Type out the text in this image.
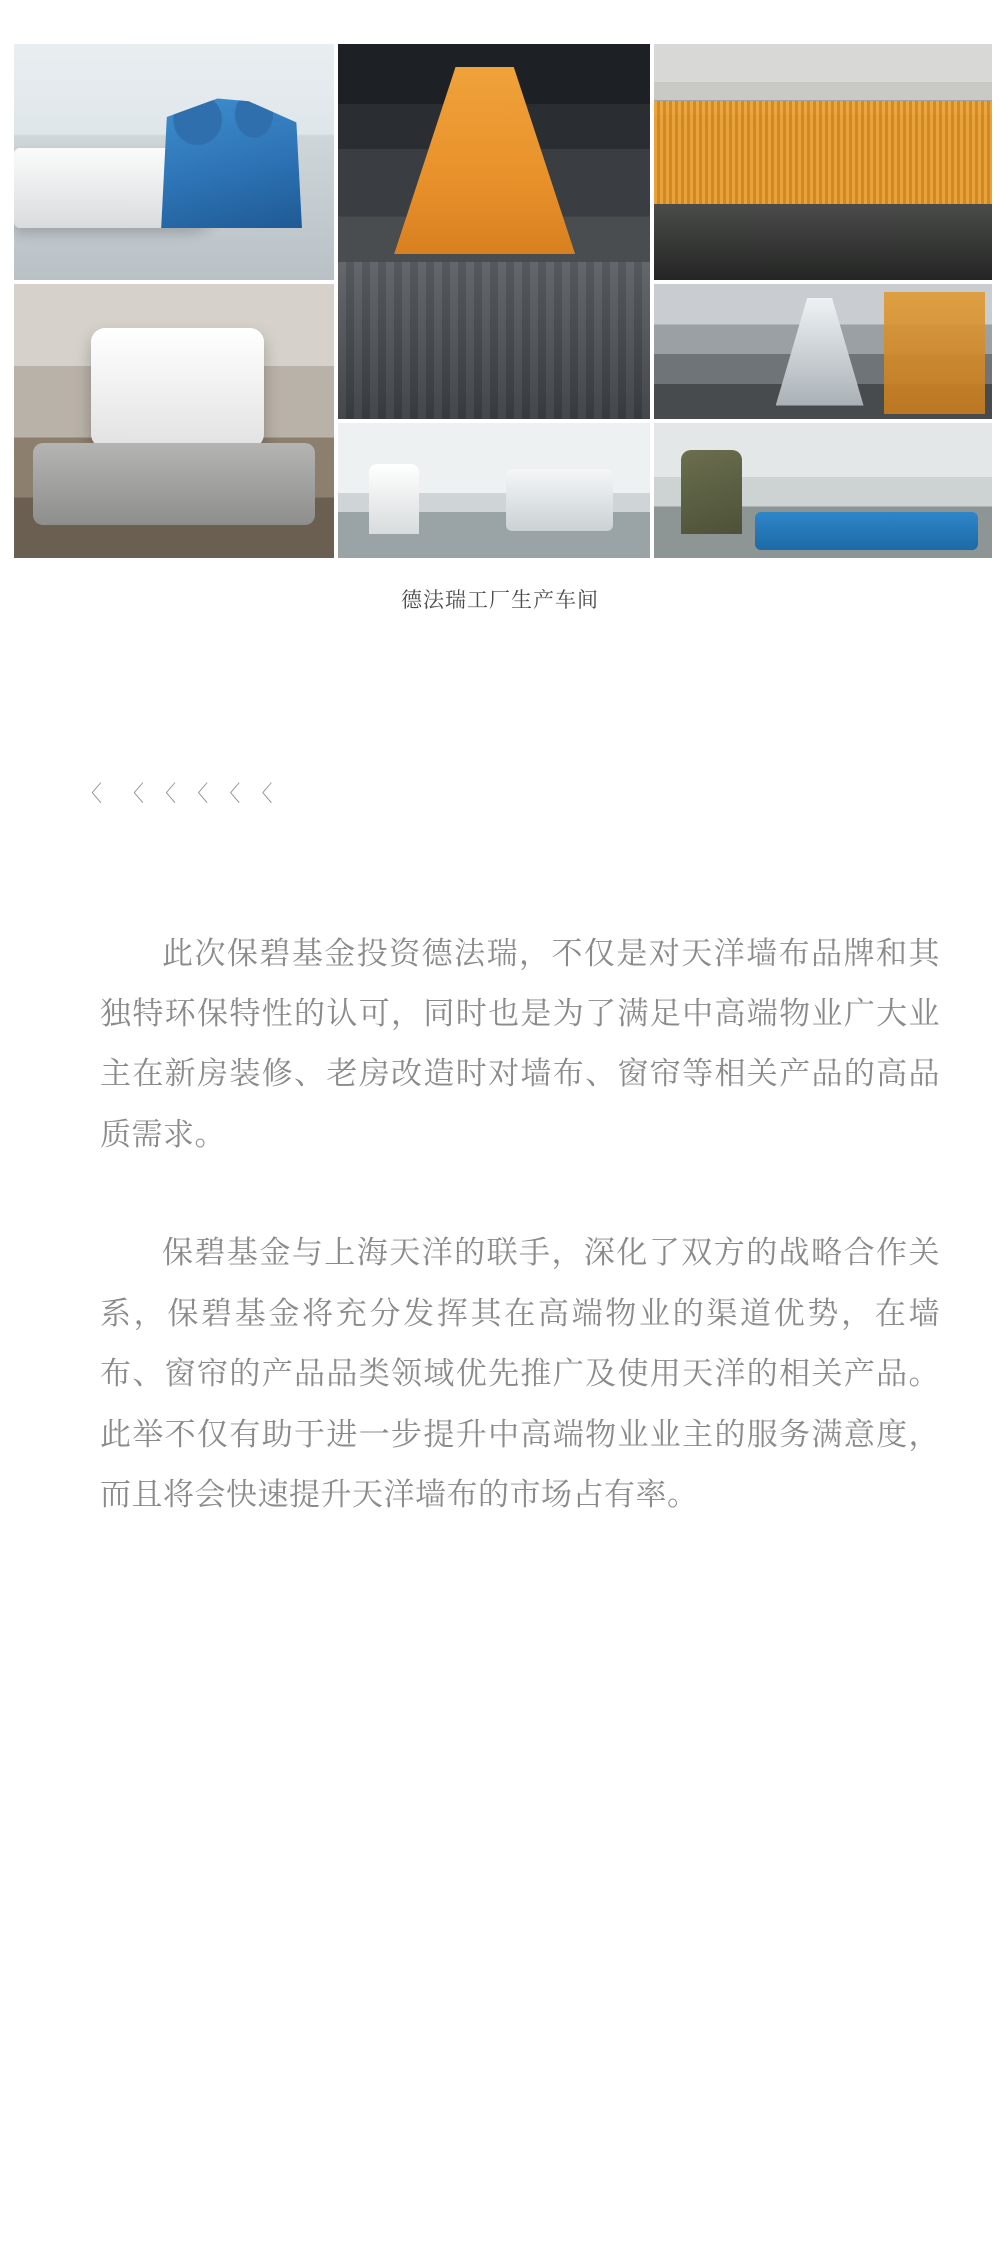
德法瑞工厂生产车间
〈 〈 〈 〈 〈 〈

此次保碧基金投资德法瑞，不仅是对天洋墙布品牌和其独特环保特性的认可，同时也是为了满足中高端物业广大业主在新房装修、老房改造时对墙布、窗帘等相关产品的高品质需求。

保碧基金与上海天洋的联手，深化了双方的战略合作关系，保碧基金将充分发挥其在高端物业的渠道优势，在墙布、窗帘的产品品类领域优先推广及使用天洋的相关产品。此举不仅有助于进一步提升中高端物业业主的服务满意度，而且将会快速提升天洋墙布的市场占有率。
